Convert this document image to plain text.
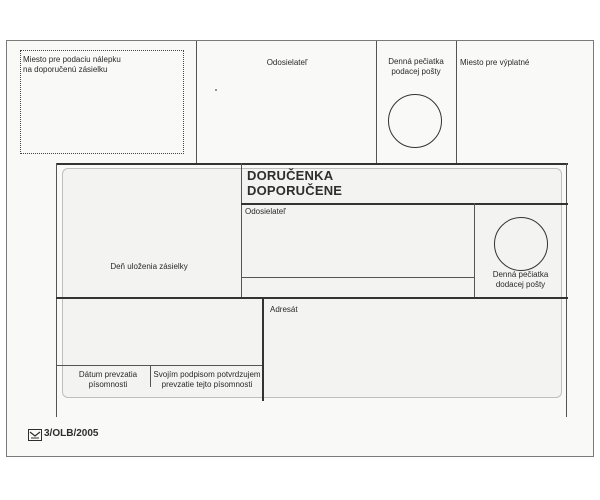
Miesto pre podaciu nálepku
na doporučenú zásielku
Odosielateľ	Denná pečiatka
podacej pošty
Miesto pre výplatné
DORUČENKA
DOPORUČENE
Odosielateľ
Denná pečiatka
dodacej pošty
Deň uloženia zásielky
Adresát
Dátum prevzatia
písomnosti
Svojím podpisom potvrdzujem
prevzatie tejto písomnosti
3/OLB/2005
